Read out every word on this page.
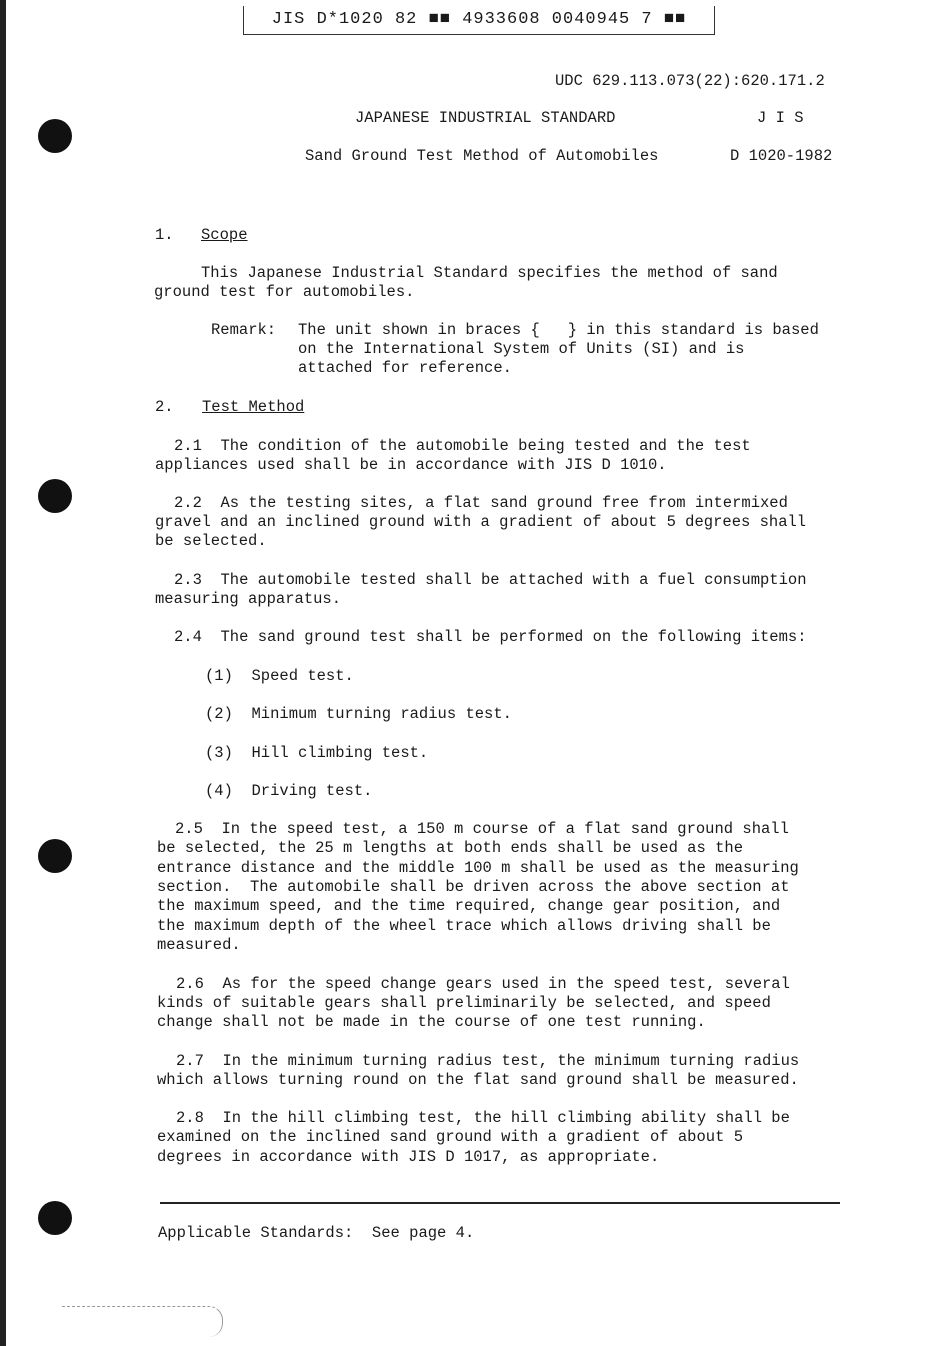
JIS D*1020 82 ■■ 4933608 0040945 7 ■■
UDC 629.113.073(22):620.171.2
JAPANESE INDUSTRIAL STANDARD	J I S
Sand Ground Test Method of Automobiles	D 1020-1982
1. Scope
This Japanese Industrial Standard specifies the method of sand
ground test for automobiles.
Remark: The unit shown in braces {   } in this standard is based
on the International System of Units (SI) and is
attached for reference.
2. Test Method
2.1  The condition of the automobile being tested and the test
appliances used shall be in accordance with JIS D 1010.
2.2  As the testing sites, a flat sand ground free from intermixed
gravel and an inclined ground with a gradient of about 5 degrees shall
be selected.
2.3  The automobile tested shall be attached with a fuel consumption
measuring apparatus.
2.4  The sand ground test shall be performed on the following items:
(1)  Speed test.
(2)  Minimum turning radius test.
(3)  Hill climbing test.
(4)  Driving test.
2.5  In the speed test, a 150 m course of a flat sand ground shall
be selected, the 25 m lengths at both ends shall be used as the
entrance distance and the middle 100 m shall be used as the measuring
section.  The automobile shall be driven across the above section at
the maximum speed, and the time required, change gear position, and
the maximum depth of the wheel trace which allows driving shall be
measured.
2.6  As for the speed change gears used in the speed test, several
kinds of suitable gears shall preliminarily be selected, and speed
change shall not be made in the course of one test running.
2.7  In the minimum turning radius test, the minimum turning radius
which allows turning round on the flat sand ground shall be measured.
2.8  In the hill climbing test, the hill climbing ability shall be
examined on the inclined sand ground with a gradient of about 5
degrees in accordance with JIS D 1017, as appropriate.
Applicable Standards:  See page 4.
